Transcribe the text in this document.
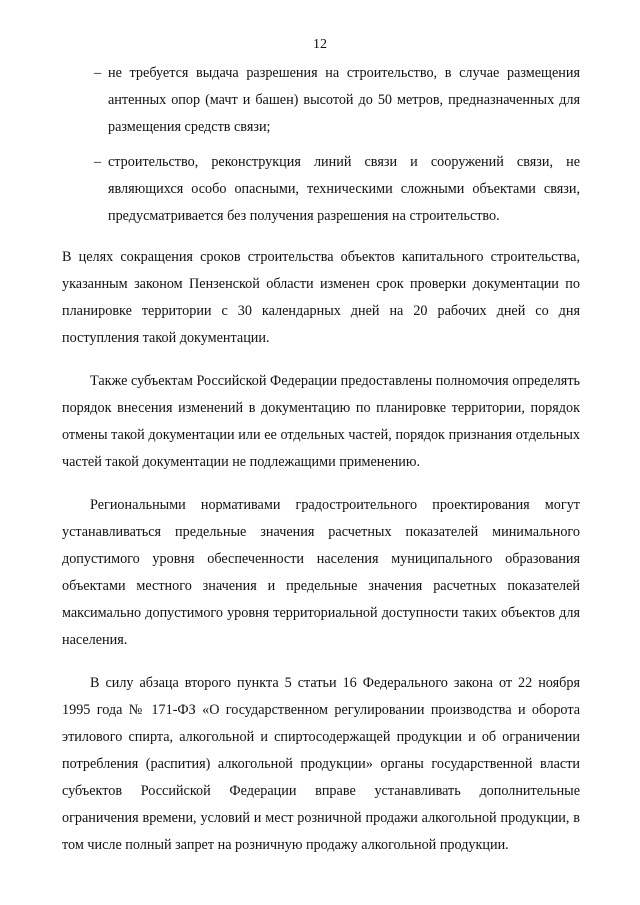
12
– не требуется выдача разрешения на строительство, в случае размещения антенных опор (мачт и башен) высотой до 50 метров, предназначенных для размещения средств связи;
– строительство, реконструкция линий связи и сооружений связи, не являющихся особо опасными, техническими сложными объектами связи, предусматривается без получения разрешения на строительство.

В целях сокращения сроков строительства объектов капитального строительства, указанным законом Пензенской области изменен срок проверки документации по планировке территории с 30 календарных дней на 20 рабочих дней со дня поступления такой документации.

Также субъектам Российской Федерации предоставлены полномочия определять порядок внесения изменений в документацию по планировке территории, порядок отмены такой документации или ее отдельных частей, порядок признания отдельных частей такой документации не подлежащими применению.

Региональными нормативами градостроительного проектирования могут устанавливаться предельные значения расчетных показателей минимального допустимого уровня обеспеченности населения муниципального образования объектами местного значения и предельные значения расчетных показателей максимально допустимого уровня территориальной доступности таких объектов для населения.

В силу абзаца второго пункта 5 статьи 16 Федерального закона от 22 ноября 1995 года № 171-ФЗ «О государственном регулировании производства и оборота этилового спирта, алкогольной и спиртосодержащей продукции и об ограничении потребления (распития) алкогольной продукции» органы государственной власти субъектов Российской Федерации вправе устанавливать дополнительные ограничения времени, условий и мест розничной продажи алкогольной продукции, в том числе полный запрет на розничную продажу алкогольной продукции.
